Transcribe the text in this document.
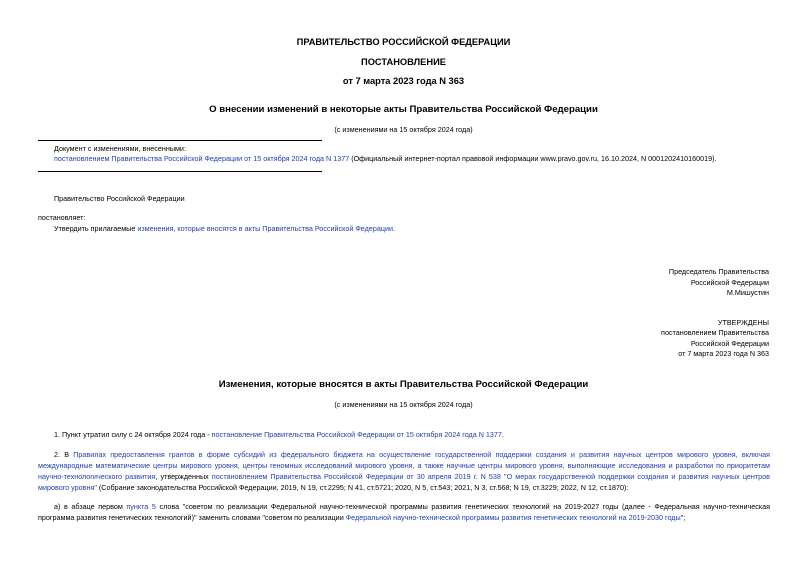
ПРАВИТЕЛЬСТВО РОССИЙСКОЙ ФЕДЕРАЦИИ
ПОСТАНОВЛЕНИЕ
от 7 марта 2023 года N 363
О внесении изменений в некоторые акты Правительства Российской Федерации
(с изменениями на 15 октября 2024 года)
Документ с изменениями, внесенными:
постановлением Правительства Российской Федерации от 15 октября 2024 года N 1377 (Официальный интернет-портал правовой информации www.pravo.gov.ru, 16.10.2024, N 0001202410160019).
Правительство Российской Федерации
постановляет:
Утвердить прилагаемые изменения, которые вносятся в акты Правительства Российской Федерации.
Председатель Правительства
Российской Федерации
М.Мишустин
УТВЕРЖДЕНЫ
постановлением Правительства
Российской Федерации
от 7 марта 2023 года N 363
Изменения, которые вносятся в акты Правительства Российской Федерации
(с изменениями на 15 октября 2024 года)
1. Пункт утратил силу с 24 октября 2024 года - постановление Правительства Российской Федерации от 15 октября 2024 года N 1377.
2. В Правилах предоставления грантов в форме субсидий из федерального бюджета на осуществление государственной поддержки создания и развития научных центров мирового уровня, включая международные математические центры мирового уровня, центры геномных исследований мирового уровня, а также научные центры мирового уровня, выполняющие исследования и разработки по приоритетам научно-технологического развития, утвержденных постановлением Правительства Российской Федерации от 30 апреля 2019 г. N 538 "О мерах государственной поддержки создания и развития научных центров мирового уровня" (Собрание законодательства Российской Федерации, 2019, N 19, ст.2295; N 41, ст.5721; 2020, N 5, ст.543; 2021, N 3, ст.568; N 19, ст.3229; 2022, N 12, ст.1870):
а) в абзаце первом пункта 5 слова "советом по реализации Федеральной научно-технической программы развития генетических технологий на 2019-2027 годы (далее - Федеральная научно-техническая программа развития генетических технологий)" заменить словами "советом по реализации Федеральной научно-технической программы развития генетических технологий на 2019-2030 годы";
